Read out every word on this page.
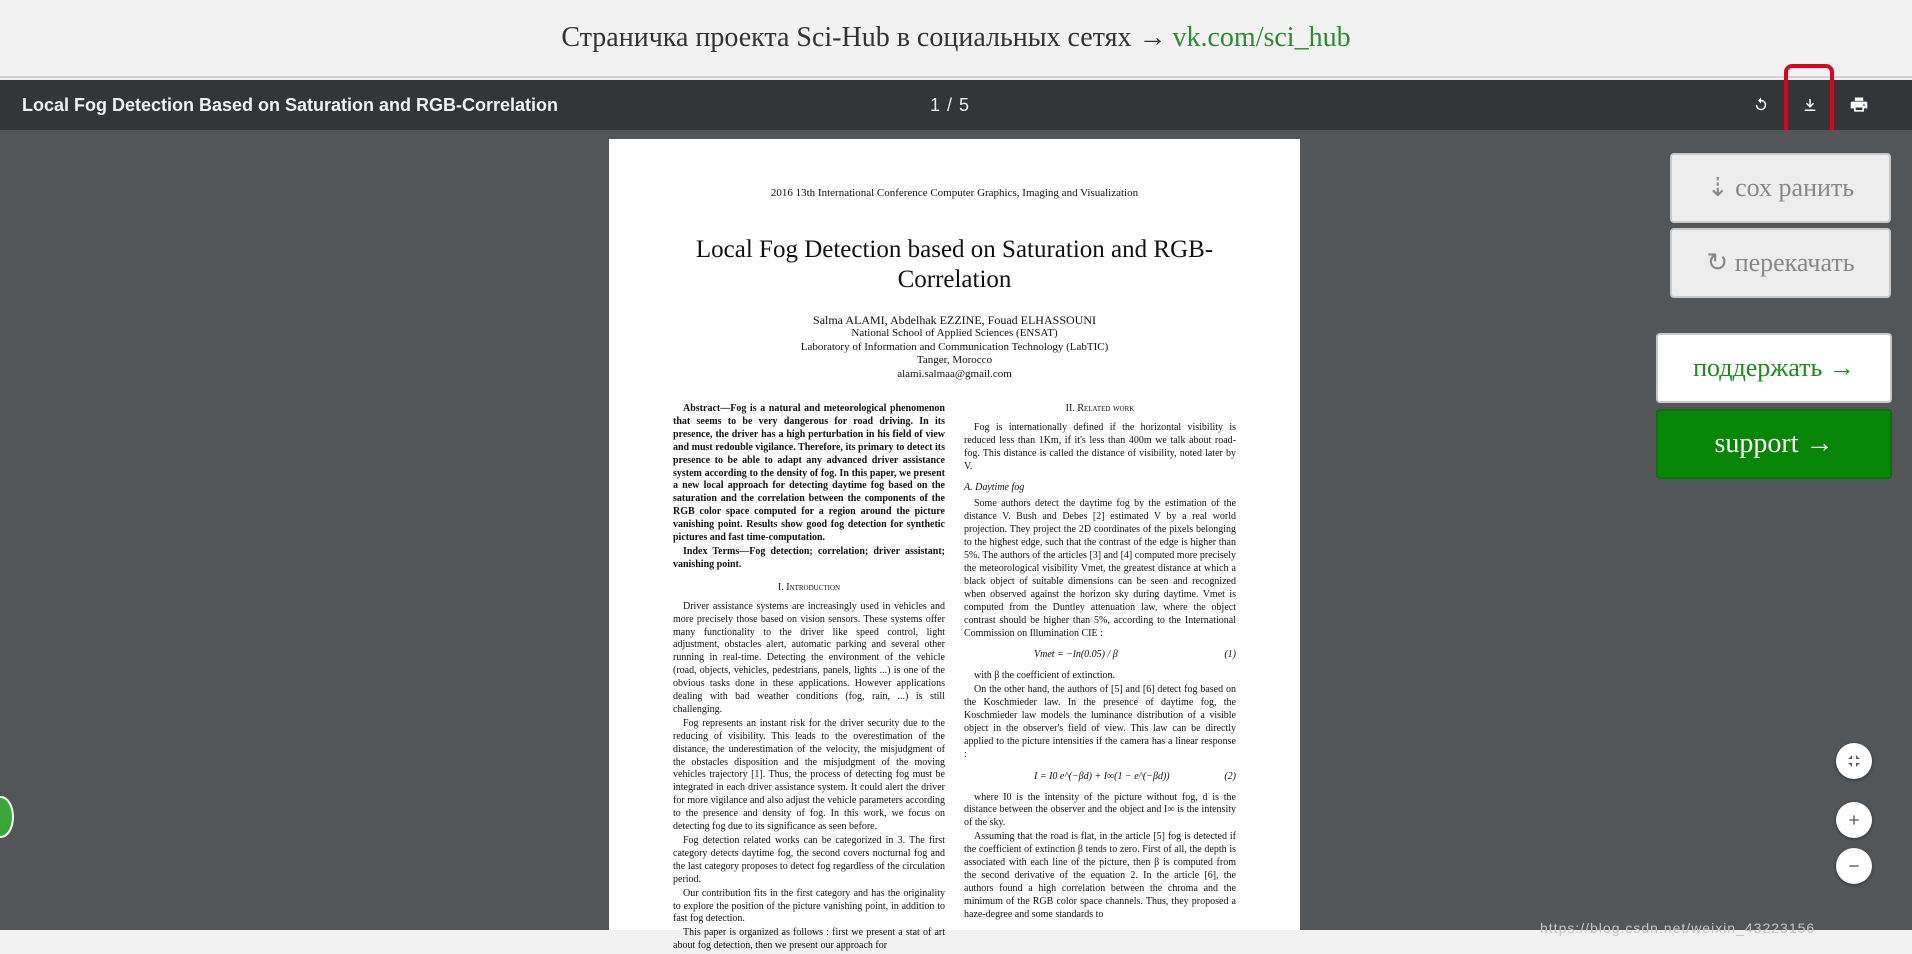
Страничка проекта Sci-Hub в социальных сетях → vk.com/sci_hub
Local Fog Detection Based on Saturation and RGB-Correlation	1 / 5
2016 13th International Conference Computer Graphics, Imaging and Visualization
Local Fog Detection based on Saturation and RGB-Correlation
Salma ALAMI, Abdelhak EZZINE, Fouad ELHASSOUNI
National School of Applied Sciences (ENSAT)
Laboratory of Information and Communication Technology (LabTIC)
Tanger, Morocco
alami.salmaa@gmail.com

Abstract—Fog is a natural and meteorological phenomenon that seems to be very dangerous for road driving. In its presence, the driver has a high perturbation in his field of view and must redouble vigilance. Therefore, its primary to detect its presence to be able to adapt any advanced driver assistance system according to the density of fog. In this paper, we present a new local approach for detecting daytime fog based on the saturation and the correlation between the components of the RGB color space computed for a region around the picture vanishing point. Results show good fog detection for synthetic pictures and fast time-computation.

Index Terms—Fog detection; correlation; driver assistant; vanishing point.

I. Introduction

Driver assistance systems are increasingly used in vehicles and more precisely those based on vision sensors. These systems offer many functionality to the driver like speed control, light adjustment, obstacles alert, automatic parking and several other running in real-time. Detecting the environment of the vehicle (road, objects, vehicles, pedestrians, panels, lights ...) is one of the obvious tasks done in these applications. However applications dealing with bad weather conditions (fog, rain, ...) is still challenging.

Fog represents an instant risk for the driver security due to the reducing of visibility. This leads to the overestimation of the distance, the underestimation of the velocity, the misjudgment of the obstacles disposition and the misjudgment of the moving vehicles trajectory [1]. Thus, the process of detecting fog must be integrated in each driver assistance system. It could alert the driver for more vigilance and also adjust the vehicle parameters according to the presence and density of fog. In this work, we focus on detecting fog due to its significance as seen before.

Fog detection related works can be categorized in 3. The first category detects daytime fog, the second covers nocturnal fog and the last category proposes to detect fog regardless of the circulation period.

Our contribution fits in the first category and has the originality to explore the position of the picture vanishing point, in addition to fast fog detection.

This paper is organized as follows : first we present a stat of art about fog detection, then we present our approach for

II. Related work

Fog is internationally defined if the horizontal visibility is reduced less than 1Km, if it's less than 400m we talk about road-fog. This distance is called the distance of visibility, noted later by V.

A. Daytime fog

Some authors detect the daytime fog by the estimation of the distance V. Bush and Debes [2] estimated V by a real world projection. They project the 2D coordinates of the pixels belonging to the highest edge, such that the contrast of the edge is higher than 5%. The authors of the articles [3] and [4] computed more precisely the meteorological visibility Vmet, the greatest distance at which a black object of suitable dimensions can be seen and recognized when observed against the horizon sky during daytime. Vmet is computed from the Duntley attenuation law, where the object contrast should be higher than 5%, according to the International Commission on Illumination CIE :

Vmet = −ln(0.05) / β	(1)

with β the coefficient of extinction.

On the other hand, the authors of [5] and [6] detect fog based on the Koschmieder law. In the presence of daytime fog, the Koschmieder law models the luminance distribution of a visible object in the observer's field of view. This law can be directly applied to the picture intensities if the camera has a linear response :

I = I0 e^(−βd) + I∞(1 − e^(−βd))	(2)

where I0 is the intensity of the picture without fog, d is the distance between the observer and the object and I∞ is the intensity of the sky.

Assuming that the road is flat, in the article [5] fog is detected if the coefficient of extinction β tends to zero. First of all, the depth is associated with each line of the picture, then β is computed from the second derivative of the equation 2. In the article [6], the authors found a high correlation between the chroma and the minimum of the RGB color space channels. Thus, they proposed a haze-degree and some standards to

⇣ сох ранить
↻ перекачать
поддержать →
support →
https://blog.csdn.net/weixin_43223156
